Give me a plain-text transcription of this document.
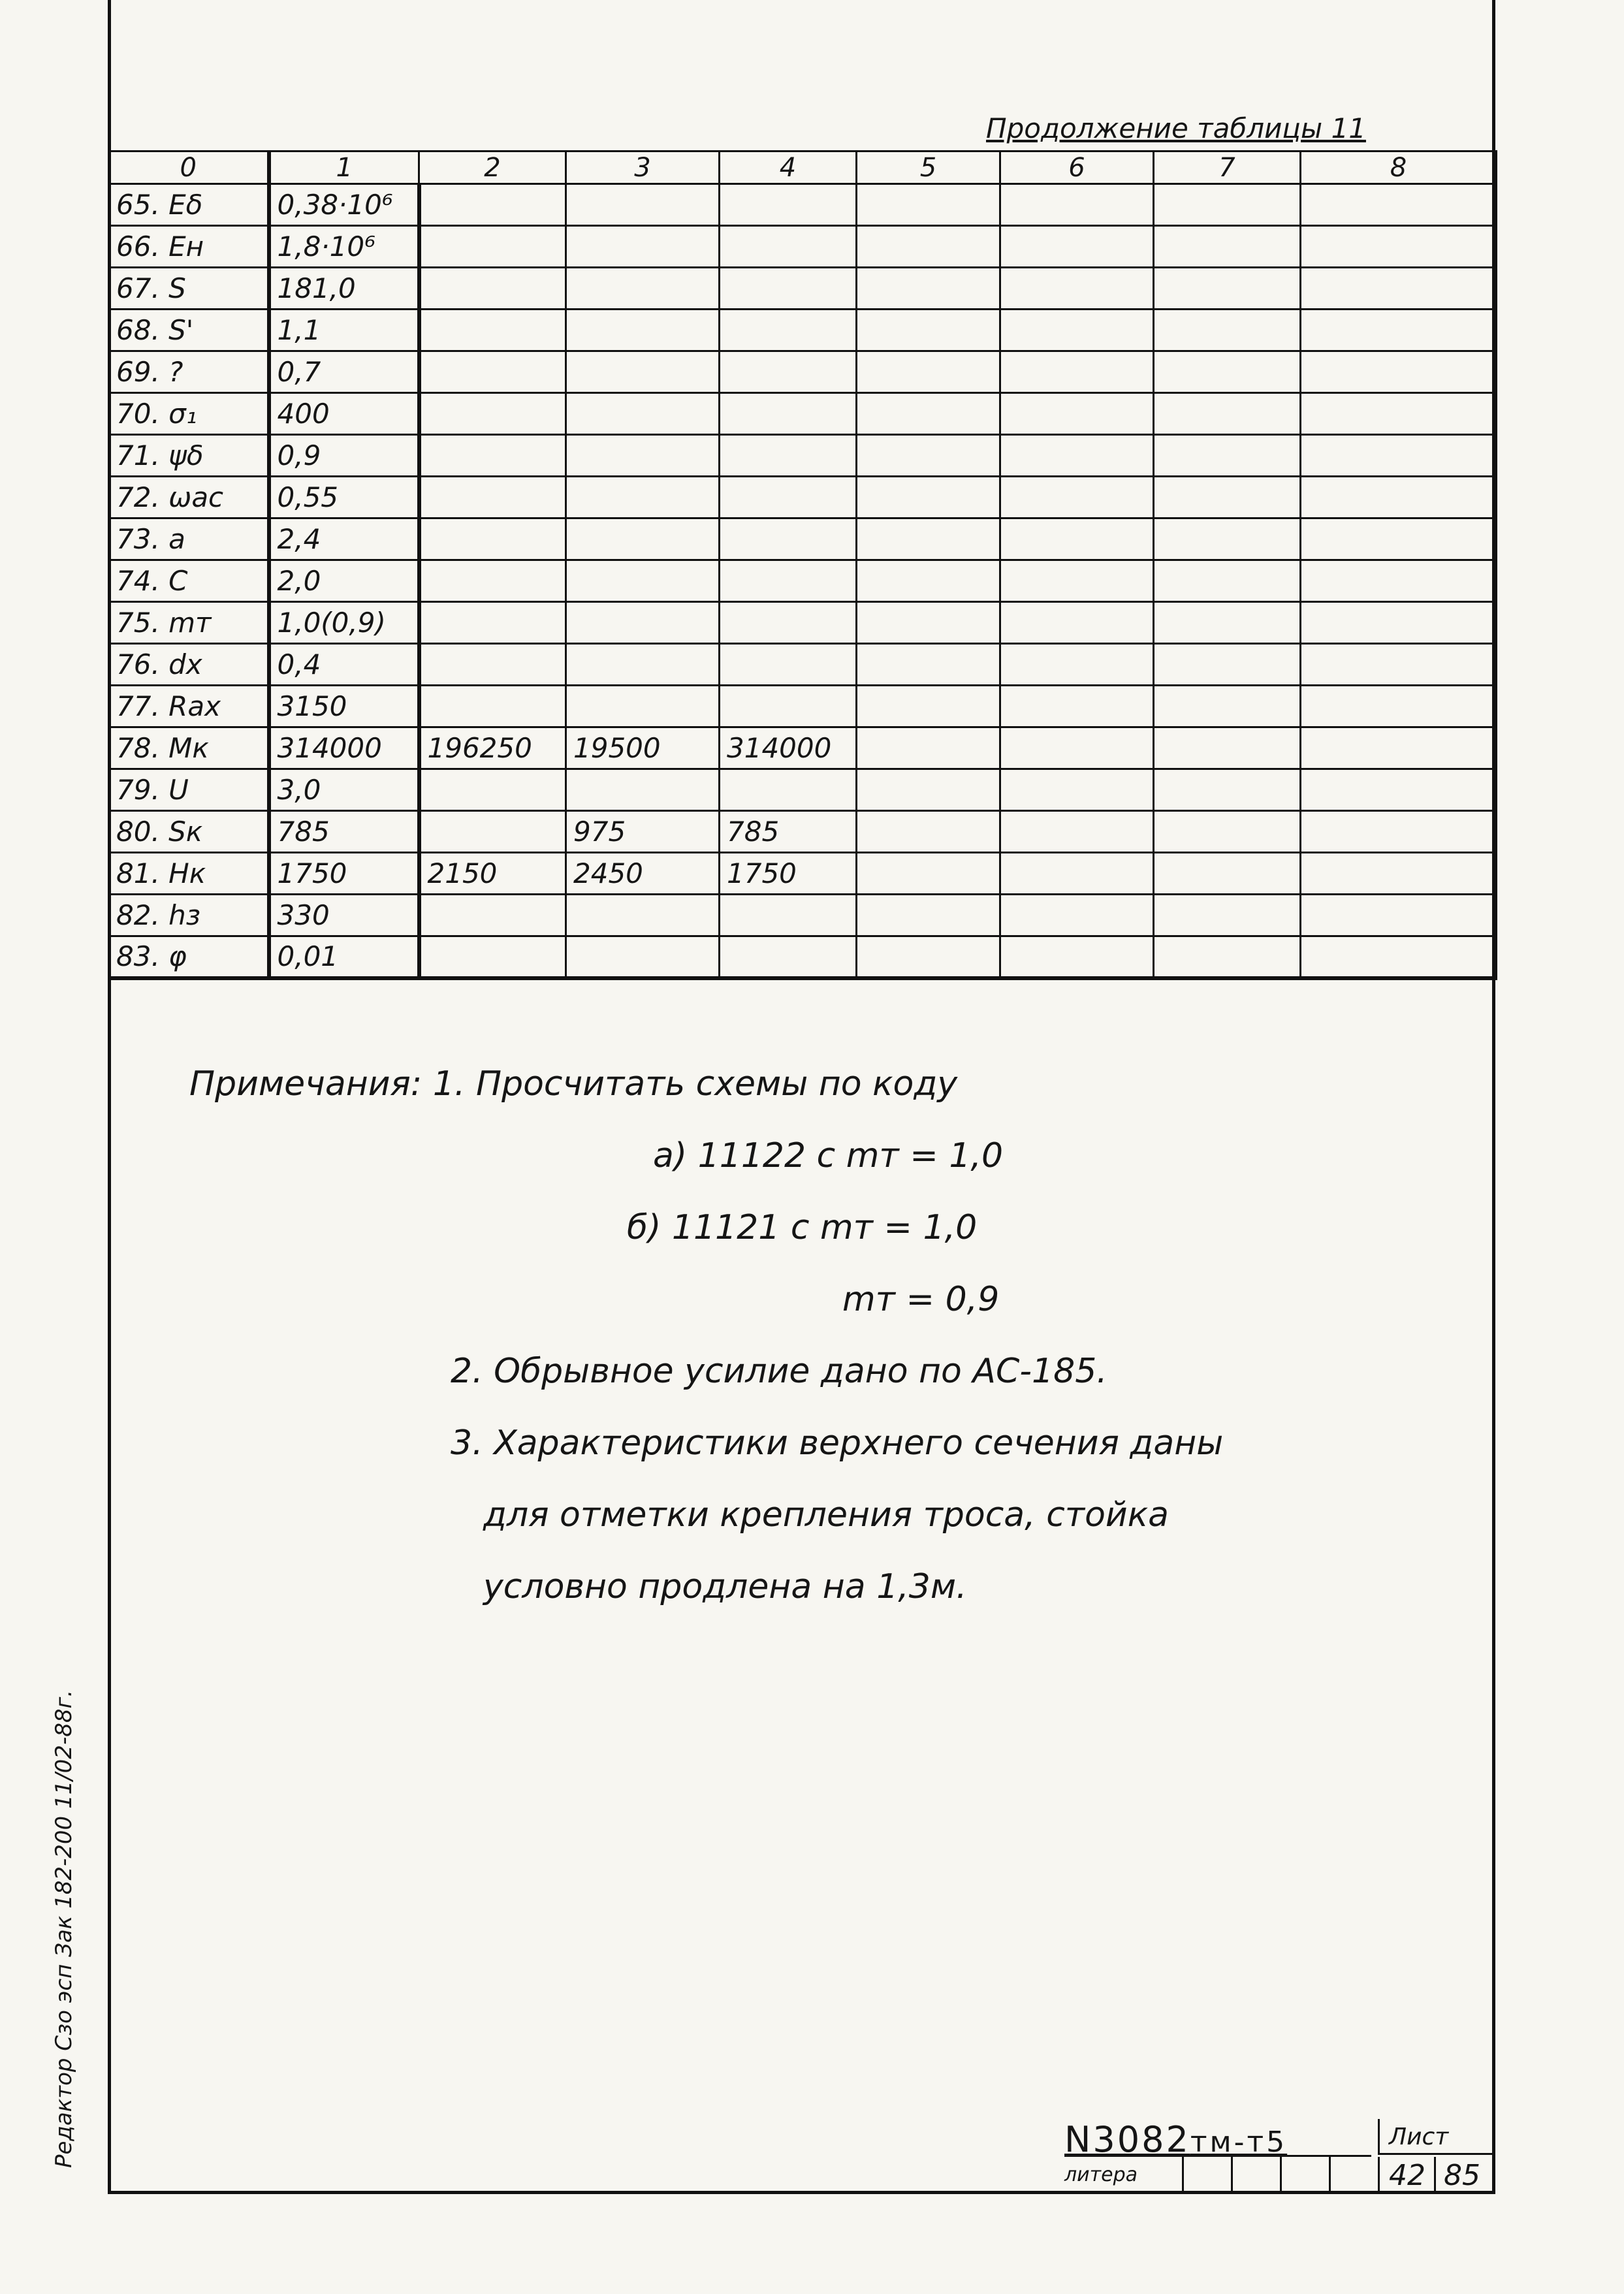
Продолжение таблицы 11
0	1	2	3	4	5	6	7	8
65. Eδ	0,38·10⁶							
66. Eн	1,8·10⁶							
67. S	181,0							
68. S'	1,1							
69. ?	0,7							
70. σ₁	400							
71. ψδ	0,9							
72. ωас	0,55							
73. a	2,4							
74. C	2,0							
75. mт	1,0(0,9)							
76. dx	0,4							
77. Rax	3150							
78. Mк	314000	196250	19500	314000				
79. U	3,0							
80. Sк	785		975	785				
81. Hк	1750	2150	2450	1750				
82. hз	330							
83. φ	0,01							
Примечания: 1. Просчитать схемы по коду
а) 11122 с mт = 1,0
б) 11121 с mт = 1,0
mт = 0,9
2. Обрывное усилие дано по АС-185.
3. Характеристики верхнего сечения даны
для отметки крепления троса, стойка
условно продлена на 1,3м.
Редактор Сзо эсп Зак 182-200 11/02-88г.	N3082тм-т5	Лист
литера	42 85
